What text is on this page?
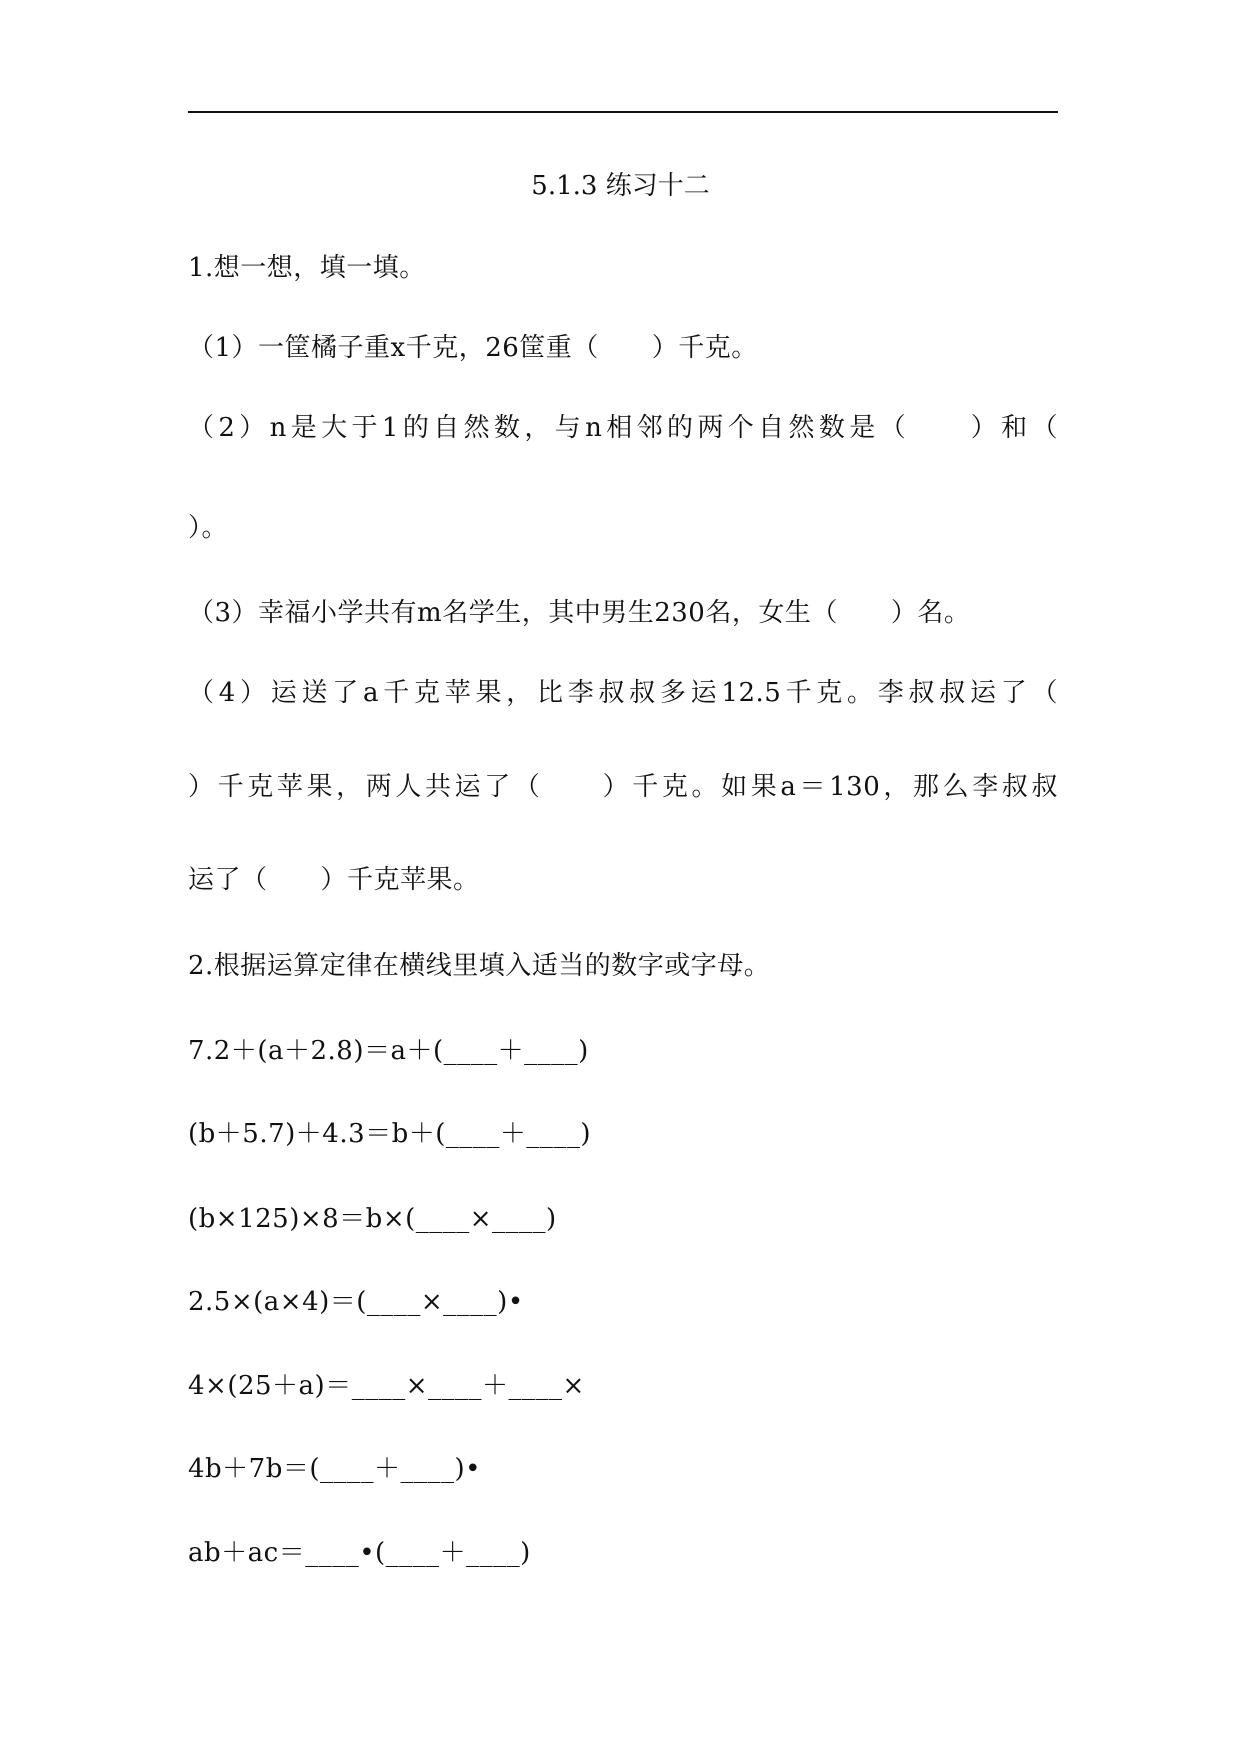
5.1.3 练习十二
1.想一想，填一填。
（1）一筐橘子重x千克，26筐重（　　）千克。
（2）n是大于1的自然数，与n相邻的两个自然数是（　　）和（
）。
（3）幸福小学共有m名学生，其中男生230名，女生（　　）名。
（4）运送了a千克苹果，比李叔叔多运12.5千克。李叔叔运了（
）千克苹果，两人共运了（　　）千克。如果a＝130，那么李叔叔
运了（　　）千克苹果。
2.根据运算定律在横线里填入适当的数字或字母。
7.2＋(a＋2.8)＝a＋(____＋____)
(b＋5.7)＋4.3＝b＋(____＋____)
(b×125)×8＝b×(____×____)
2.5×(a×4)＝(____×____)•
4×(25＋a)＝____×____＋____×
4b＋7b＝(____＋____)•
ab＋ac＝____•(____＋____)
